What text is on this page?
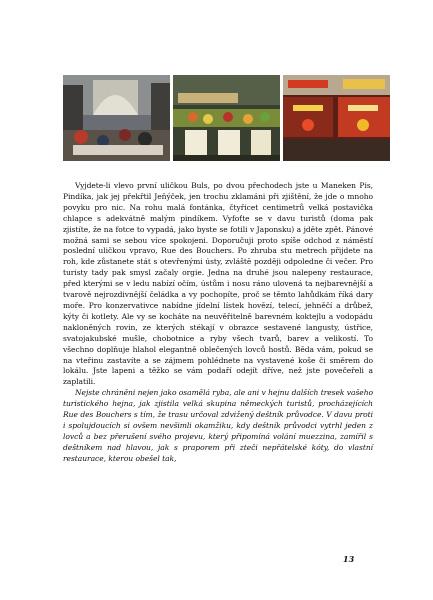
Vyjdete-li vlevo první uličkou Buls, po dvou přechodech jste u Maneken Pis, Pindíka, jak jej překřtil Jeňýček, jen trochu zklamáni při zjištění, že jde o mnoho povyku pro nic. Na rohu malá fontánka, čtyřicet centimetrů velká postavička chlapce s adekvátně malým pindíkem. Vyfoťte se v davu turistů (doma pak zjistíte, že na fotce to vypadá, jako byste se fotili v Japonsku) a jděte zpět. Pánové možná sami se sebou více spokojeni. Doporučuji proto spíše odchod z náměstí poslední uličkou vpravo, Rue des Bouchers. Po zhruba stu metrech přijdete na roh, kde zůstanete stát s otevřenými ústy, zvláště později odpoledne či večer. Pro turisty tady pak smysl začaly orgie. Jedna na druhé jsou nalepeny restaurace, před kterými se v ledu nabízí očím, ústům i nosu ráno ulovená ta nejbarevnější a tvarově nejrozdivnější čeládka a vy pochopíte, proč se těmto lahůdkám říká dary moře. Pro konzervativce nabídne jídelní lístek hovězí, telecí, jehněčí a drůbež, kýty či kotlety. Ale vy se kocháte na neuvěřitelně barevném koktejlu a vodopádu nakloněných rovin, ze kterých stékají v obrazce sestavené langusty, ústřice, svatojakubské mušle, chobotnice a ryby všech tvarů, barev a velikostí. To všechno doplňuje hlahol elegantně oblečených lovců hostů. Běda vám, pokud se na vteřinu zastavíte a se zájmem pohlédnete na vystavené koše či směrem do lokálu. Jste lapeni a těžko se vám podaří odejít dříve, než jste povečeřeli a zaplatili.

Nejste chráněni nejen jako osamělá ryba, ale ani v hejnu dalších tresek vašeho turistického hejna, jak zjistila velká skupina německých turistů, procházejících Rue des Bouchers s tím, že trasu určoval zdvižený deštník průvodce. V davu proti i spolujdoucích si ovšem nevšimli okamžiku, kdy deštník průvodci vytrhl jeden z lovců a bez přerušení svého projevu, který připomíná volání muezzina, zamířil s deštníkem nad hlavou, jak s praporem při zteči nepřátelské kóty, do vlastní restaurace, kterou obešel tak,

13
